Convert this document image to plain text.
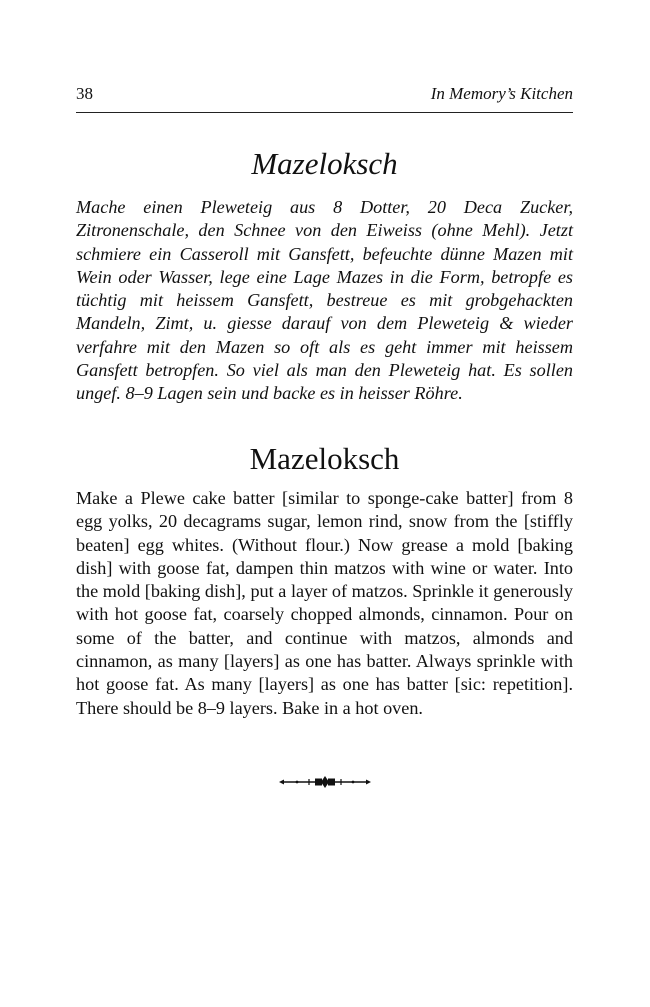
38	In Memory’s Kitchen
Mazeloksch

Mache einen Pleweteig aus 8 Dotter, 20 Deca Zucker, Zitronenschale, den Schnee von den Eiweiss (ohne Mehl). Jetzt schmiere ein Casseroll mit Gansfett, befeuchte dünne Mazen mit Wein oder Wasser, lege eine Lage Mazes in die Form, betropfe es tüchtig mit heissem Gansfett, bestreue es mit grobgehackten Mandeln, Zimt, u. giesse darauf von dem Pleweteig & wieder verfahre mit den Mazen so oft als es geht immer mit heissem Gansfett betropfen. So viel als man den Pleweteig hat. Es sollen ungef. 8–9 Lagen sein und backe es in heisser Röhre.

Mazeloksch

Make a Plewe cake batter [similar to sponge-cake batter] from 8 egg yolks, 20 decagrams sugar, lemon rind, snow from the [stiffly beaten] egg whites. (Without flour.) Now grease a mold [baking dish] with goose fat, dampen thin matzos with wine or water. Into the mold [baking dish], put a layer of matzos. Sprinkle it generously with hot goose fat, coarsely chopped almonds, cinnamon. Pour on some of the batter, and continue with matzos, almonds and cinnamon, as many [layers] as one has batter. Always sprinkle with hot goose fat. As many [layers] as one has batter [sic: repetition]. There should be 8–9 layers. Bake in a hot oven.
